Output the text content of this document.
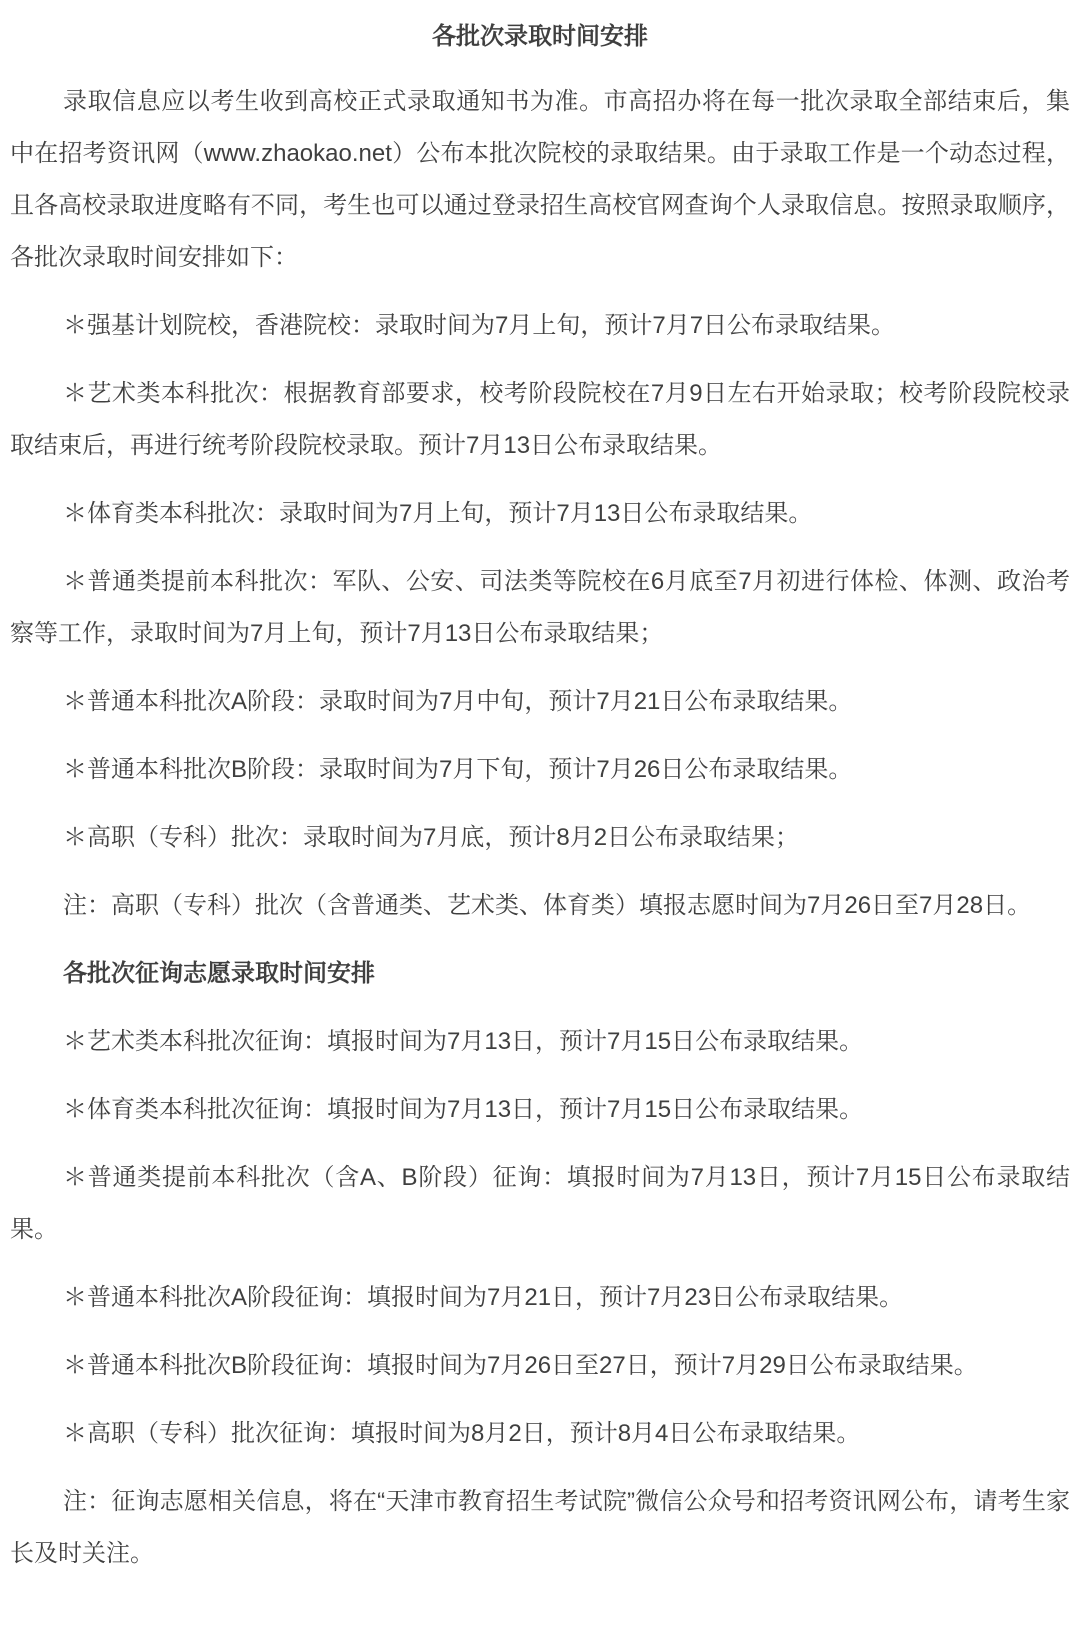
各批次录取时间安排

录取信息应以考生收到高校正式录取通知书为准。市高招办将在每一批次录取全部结束后，集中在招考资讯网（www.zhaokao.net）公布本批次院校的录取结果。由于录取工作是一个动态过程，且各高校录取进度略有不同，考生也可以通过登录招生高校官网查询个人录取信息。按照录取顺序，各批次录取时间安排如下：

＊强基计划院校，香港院校：录取时间为7月上旬，预计7月7日公布录取结果。

＊艺术类本科批次：根据教育部要求，校考阶段院校在7月9日左右开始录取；校考阶段院校录取结束后，再进行统考阶段院校录取。预计7月13日公布录取结果。

＊体育类本科批次：录取时间为7月上旬，预计7月13日公布录取结果。

＊普通类提前本科批次：军队、公安、司法类等院校在6月底至7月初进行体检、体测、政治考察等工作，录取时间为7月上旬，预计7月13日公布录取结果；

＊普通本科批次A阶段：录取时间为7月中旬，预计7月21日公布录取结果。

＊普通本科批次B阶段：录取时间为7月下旬，预计7月26日公布录取结果。

＊高职（专科）批次：录取时间为7月底，预计8月2日公布录取结果；

注：高职（专科）批次（含普通类、艺术类、体育类）填报志愿时间为7月26日至7月28日。

各批次征询志愿录取时间安排

＊艺术类本科批次征询：填报时间为7月13日，预计7月15日公布录取结果。

＊体育类本科批次征询：填报时间为7月13日，预计7月15日公布录取结果。

＊普通类提前本科批次（含A、B阶段）征询：填报时间为7月13日，预计7月15日公布录取结果。

＊普通本科批次A阶段征询：填报时间为7月21日，预计7月23日公布录取结果。

＊普通本科批次B阶段征询：填报时间为7月26日至27日，预计7月29日公布录取结果。

＊高职（专科）批次征询：填报时间为8月2日，预计8月4日公布录取结果。

注：征询志愿相关信息，将在“天津市教育招生考试院”微信公众号和招考资讯网公布，请考生家长及时关注。
